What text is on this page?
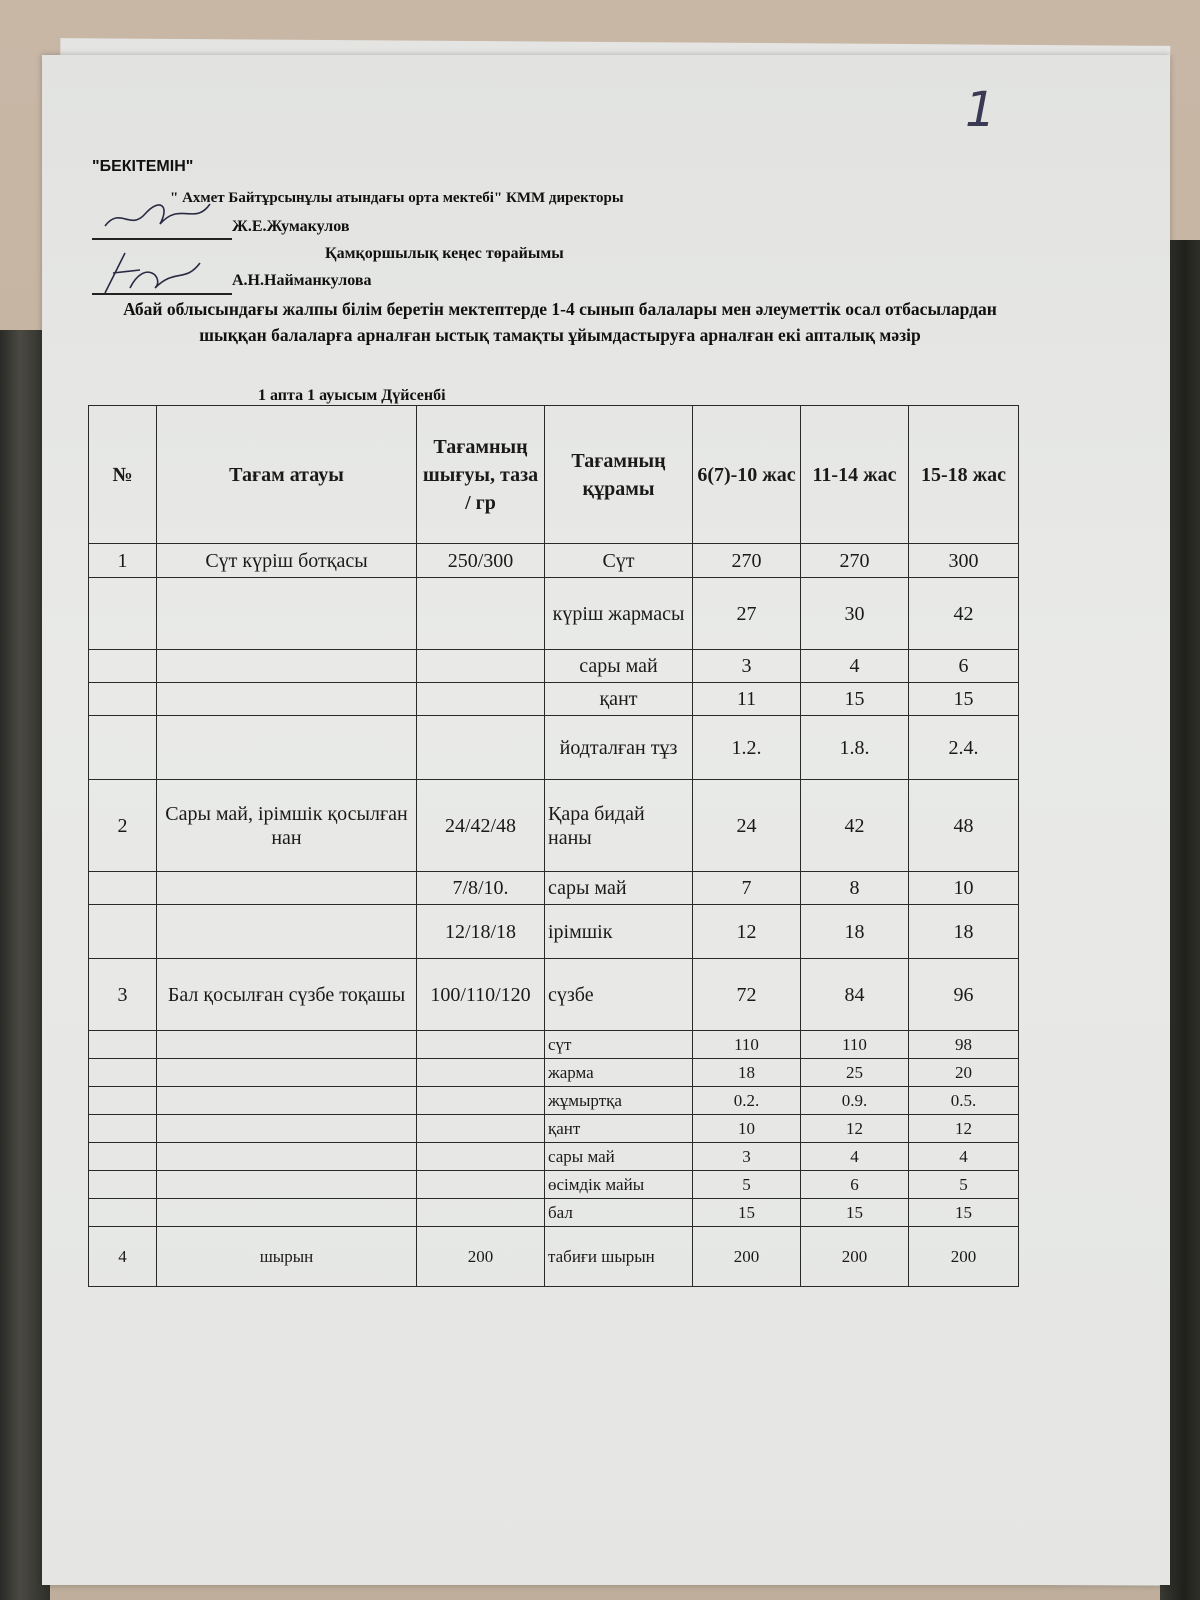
1
"БЕКІТЕМІН"
" Ахмет Байтұрсынұлы атындағы орта мектебі" КММ директоры
Ж.Е.Жумакулов
Қамқоршылық кеңес төрайымы
А.Н.Найманкулова
Абай облысындағы жалпы білім беретін мектептерде 1-4 сынып балалары мен әлеуметтік осал отбасылардан шыққан балаларға арналған ыстық тамақты ұйымдастыруға арналған екі апталық мәзір
1 апта 1 ауысым Дүйсенбі
№	Тағам атауы	Тағамның шығуы, таза / гр	Тағамның құрамы	6(7)-10 жас	11-14 жас	15-18 жас
1	Сүт күріш ботқасы	250/300	Сүт	270	270	300
			күріш жармасы	27	30	42
			сары май	3	4	6
			қант	11	15	15
			йодталған тұз	1.2.	1.8.	2.4.
2	Сары май, ірімшік қосылған нан	24/42/48	Қара бидай наны	24	42	48
		7/8/10.	сары май	7	8	10
		12/18/18	ірімшік	12	18	18
3	Бал қосылған сүзбе тоқашы	100/110/120	сүзбе	72	84	96
			сүт	110	110	98
			жарма	18	25	20
			жұмыртқа	0.2.	0.9.	0.5.
			қант	10	12	12
			сары май	3	4	4
			өсімдік майы	5	6	5
			бал	15	15	15
4	шырын	200	табиғи шырын	200	200	200
